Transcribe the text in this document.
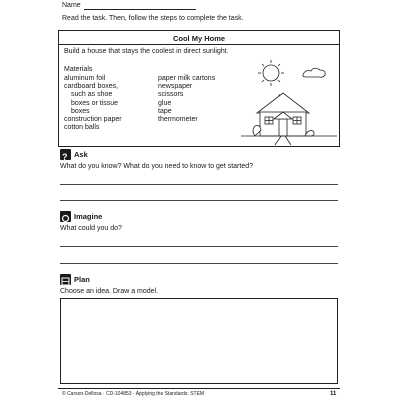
Name
Read the task. Then, follow the steps to complete the task.
Cool My Home
Build a house that stays the coolest in direct sunlight.
Materials
aluminum foil
cardboard boxes,
such as shoe
boxes or tissue
boxes
construction paper
cotton balls
paper milk cartons
newspaper
scissors
glue
tape
thermometer
? Ask
What do you know? What do you need to know to get started?
Imagine
What could you do?
Plan
Choose an idea. Draw a model.
© Carson-Dellosa · CD-104853 · Applying the Standards: STEM	11
